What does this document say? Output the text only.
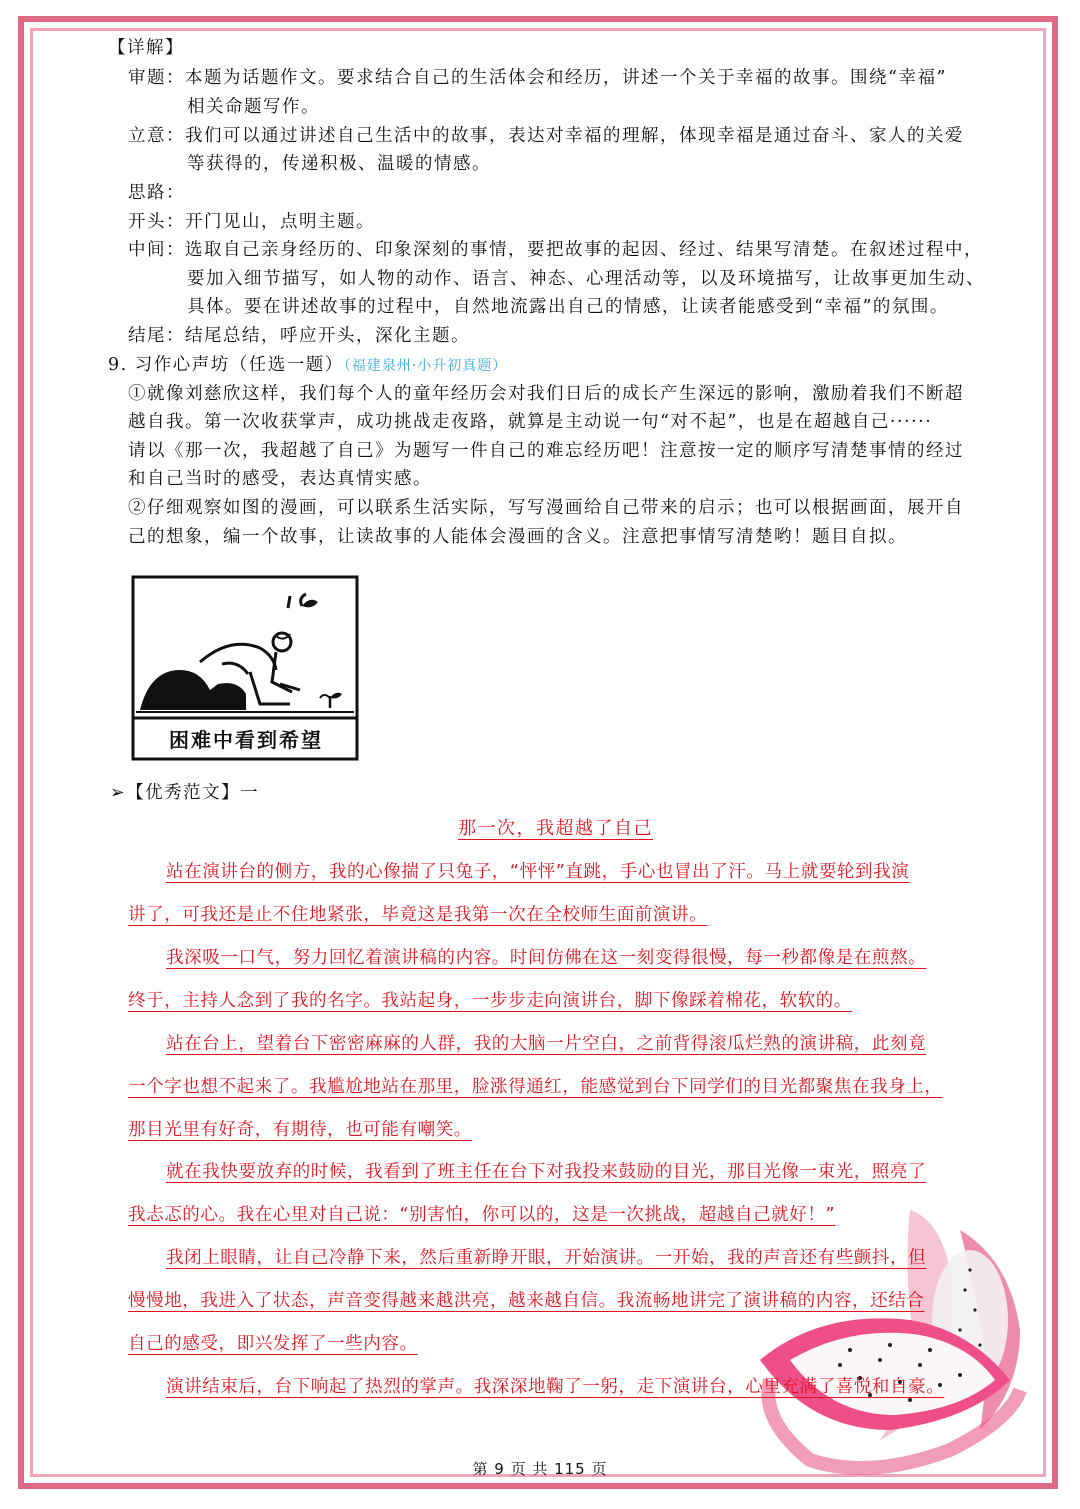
【详解】
审题：本题为话题作文。要求结合自己的生活体会和经历，讲述一个关于幸福的故事。围绕“幸福”
相关命题写作。
立意：我们可以通过讲述自己生活中的故事，表达对幸福的理解，体现幸福是通过奋斗、家人的关爱
等获得的，传递积极、温暖的情感。
思路：
开头：开门见山，点明主题。
中间：选取自己亲身经历的、印象深刻的事情，要把故事的起因、经过、结果写清楚。在叙述过程中，
要加入细节描写，如人物的动作、语言、神态、心理活动等，以及环境描写，让故事更加生动、
具体。要在讲述故事的过程中，自然地流露出自己的情感，让读者能感受到“幸福”的氛围。
结尾：结尾总结，呼应开头，深化主题。
9. 习作心声坊（任选一题）（福建泉州·小升初真题）
①就像刘慈欣这样，我们每个人的童年经历会对我们日后的成长产生深远的影响，激励着我们不断超
越自我。第一次收获掌声，成功挑战走夜路，就算是主动说一句“对不起”，也是在超越自己······
请以《那一次，我超越了自己》为题写一件自己的难忘经历吧！注意按一定的顺序写清楚事情的经过
和自己当时的感受，表达真情实感。
②仔细观察如图的漫画，可以联系生活实际，写写漫画给自己带来的启示；也可以根据画面，展开自
己的想象，编一个故事，让读故事的人能体会漫画的含义。注意把事情写清楚哟！题目自拟。
困难中看到希望
➢【优秀范文】一
那一次，我超越了自己
站在演讲台的侧方，我的心像揣了只兔子，“怦怦”直跳，手心也冒出了汗。马上就要轮到我演
讲了，可我还是止不住地紧张，毕竟这是我第一次在全校师生面前演讲。
我深吸一口气，努力回忆着演讲稿的内容。时间仿佛在这一刻变得很慢，每一秒都像是在煎熬。
终于，主持人念到了我的名字。我站起身，一步步走向演讲台，脚下像踩着棉花，软软的。
站在台上，望着台下密密麻麻的人群，我的大脑一片空白，之前背得滚瓜烂熟的演讲稿，此刻竟
一个字也想不起来了。我尴尬地站在那里，脸涨得通红，能感觉到台下同学们的目光都聚焦在我身上，
那目光里有好奇，有期待，也可能有嘲笑。
就在我快要放弃的时候，我看到了班主任在台下对我投来鼓励的目光，那目光像一束光，照亮了
我忐忑的心。我在心里对自己说：“别害怕，你可以的，这是一次挑战，超越自己就好！”
我闭上眼睛，让自己冷静下来，然后重新睁开眼，开始演讲。一开始，我的声音还有些颤抖，但
慢慢地，我进入了状态，声音变得越来越洪亮，越来越自信。我流畅地讲完了演讲稿的内容，还结合
自己的感受，即兴发挥了一些内容。
演讲结束后，台下响起了热烈的掌声。我深深地鞠了一躬，走下演讲台，心里充满了喜悦和自豪。
第 9 页 共 115 页
